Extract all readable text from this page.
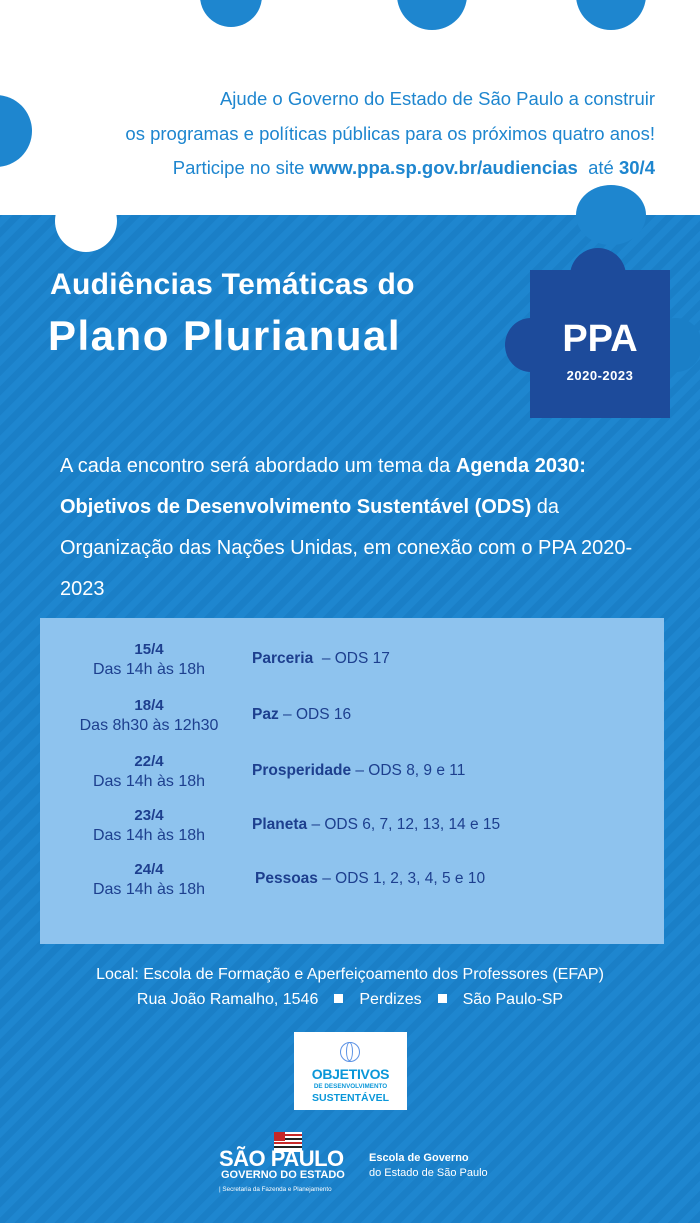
Ajude o Governo do Estado de São Paulo a construir
os programas e políticas públicas para os próximos quatro anos!
Participe no site www.ppa.sp.gov.br/audiencias  até 30/4
Audiências Temáticas do
Plano Plurianual	PPA
2020-2023
A cada encontro será abordado um tema da Agenda 2030: Objetivos de Desenvolvimento Sustentável (ODS) da Organização das Nações Unidas, em conexão com o PPA 2020-2023
15/4
Das 14h às 18h
Parceria  – ODS 17
18/4
Das 8h30 às 12h30
Paz – ODS 16
22/4
Das 14h às 18h
Prosperidade – ODS 8, 9 e 11
23/4
Das 14h às 18h
Planeta – ODS 6, 7, 12, 13, 14 e 15
24/4
Das 14h às 18h
Pessoas – ODS 1, 2, 3, 4, 5 e 10
Local: Escola de Formação e Aperfeiçoamento dos Professores (EFAP)
Rua João Ramalho, 1546	Perdizes	São Paulo-SP
OBJETIVOS
DE DESENVOLVIMENTO
SUSTENTÁVEL
SÃO PAULO
GOVERNO DO ESTADO
| Secretaria da Fazenda e Planejamento
Escola de Governo
do Estado de São Paulo
